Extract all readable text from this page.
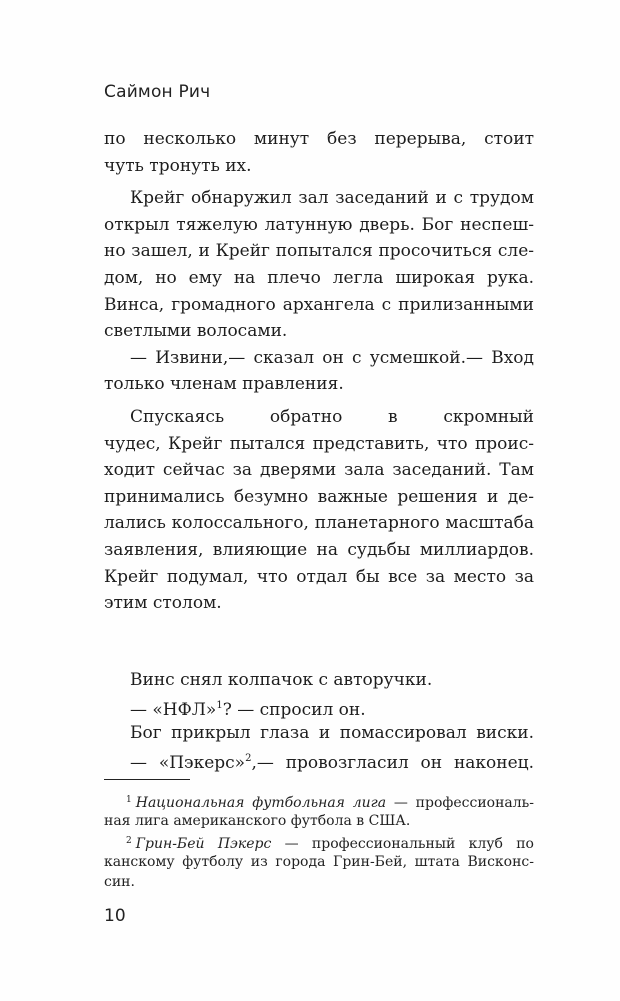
Саймон Рич
по несколько минут без перерыва, стоит
чуть тронуть их.
Крейг обнаружил зал заседаний и с трудом
открыл тяжелую латунную дверь. Бог неспеш-
но зашел, и Крейг попытался просочиться сле-
дом, но ему на плечо легла широкая рука.
Винса, громадного архангела с прилизанными
светлыми волосами.
— Извини,— сказал он с усмешкой.— Вход
только членам правления.
Спускаясь обратно в скромный
чудес, Крейг пытался представить, что проис-
ходит сейчас за дверями зала заседаний. Там
принимались безумно важные решения и де-
лались колоссального, планетарного масштаба
заявления, влияющие на судьбы миллиардов.
Крейг подумал, что отдал бы все за место за
этим столом.
Винс снял колпачок с авторучки.
— «НФЛ»$^1$? — спросил он.
Бог прикрыл глаза и помассировал виски.
— «Пэкерс»$^2$,— провозгласил он наконец.
$^1$ Национальная футбольная лига — профессиональ-
ная лига американского футбола в США.
$^2$ Грин-Бей Пэкерс — профессиональный клуб по
канскому футболу из города Грин-Бей, штата Висконс-
син.
10
